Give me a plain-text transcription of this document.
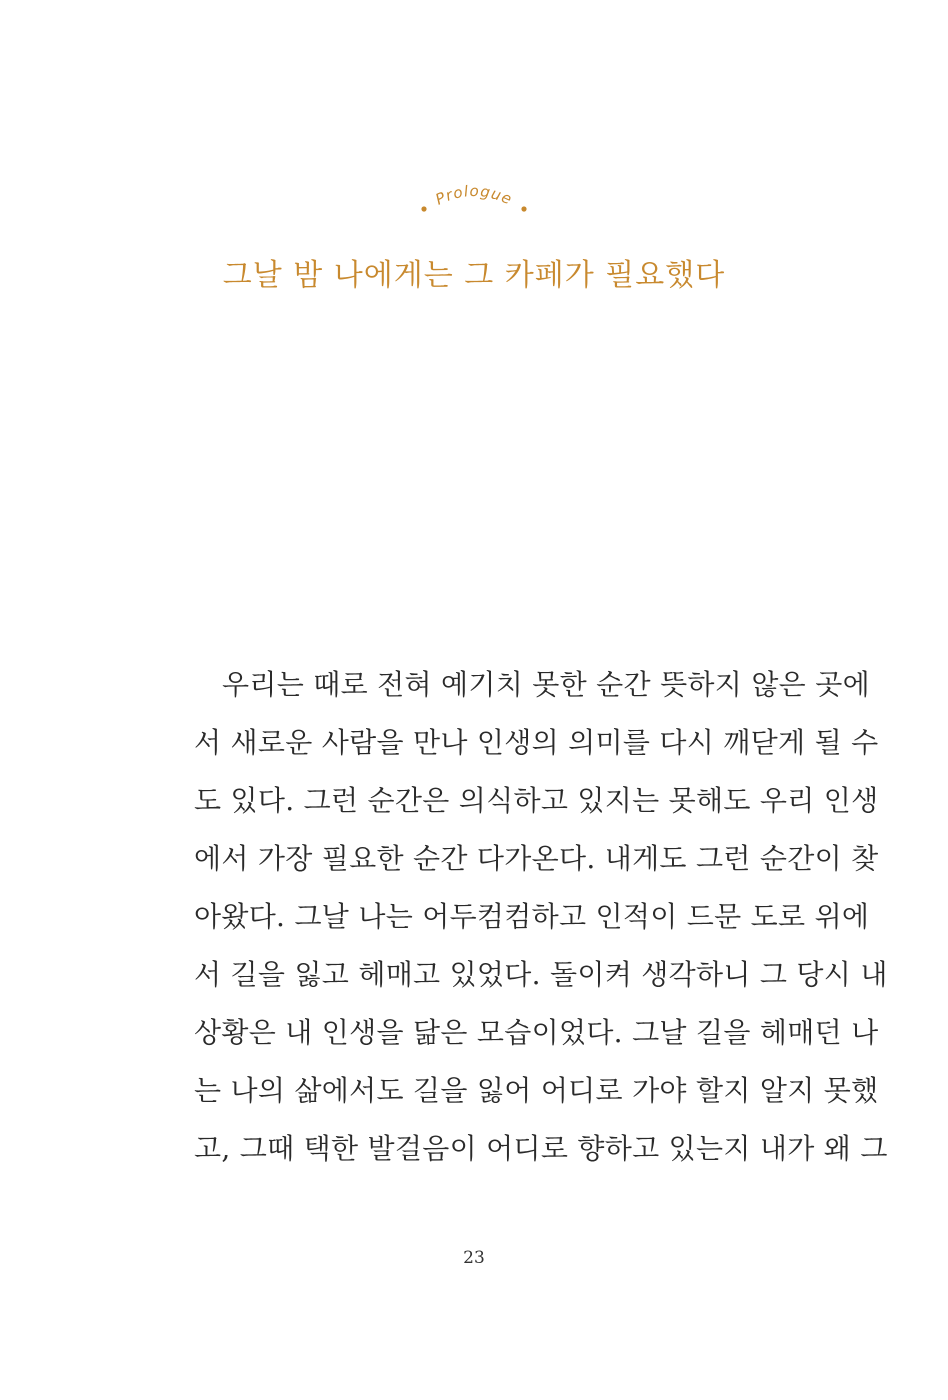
Prologue
그날 밤 나에게는 그 카페가 필요했다
우리는 때로 전혀 예기치 못한 순간 뜻하지 않은 곳에
서 새로운 사람을 만나 인생의 의미를 다시 깨닫게 될 수
도 있다. 그런 순간은 의식하고 있지는 못해도 우리 인생
에서 가장 필요한 순간 다가온다. 내게도 그런 순간이 찾
아왔다. 그날 나는 어두컴컴하고 인적이 드문 도로 위에
서 길을 잃고 헤매고 있었다. 돌이켜 생각하니 그 당시 내
상황은 내 인생을 닮은 모습이었다. 그날 길을 헤매던 나
는 나의 삶에서도 길을 잃어 어디로 가야 할지 알지 못했
고, 그때 택한 발걸음이 어디로 향하고 있는지 내가 왜 그
23
